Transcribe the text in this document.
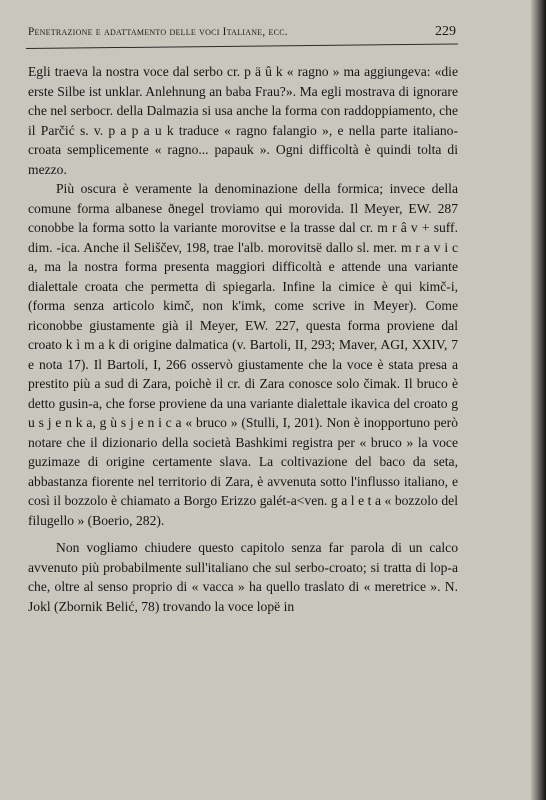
Penetrazione e adattamento delle voci Italiane, ecc.	229

Egli traeva la nostra voce dal serbo cr. p ä û k « ragno » ma aggiungeva: «die erste Silbe ist unklar. Anlehnung an baba Frau?». Ma egli mostrava di ignorare che nel serbocr. della Dalmazia si usa anche la forma con raddoppiamento, che il Parčić s. v. p a p a u k traduce « ragno falangio », e nella parte italiano-croata semplicemente « ragno... papauk ». Ogni difficoltà è quindi tolta di mezzo.

Più oscura è veramente la denominazione della formica; invece della comune forma albanese ðnegel troviamo qui morovida. Il Meyer, EW. 287 conobbe la forma sotto la variante morovitse e la trasse dal cr. m r â v + suff. dim. -ica. Anche il Seliščev, 198, trae l'alb. morovitsë dallo sl. mer. m r a v i c a, ma la nostra forma presenta maggiori difficoltà e attende una variante dialettale croata che permetta di spiegarla. Infine la cimice è qui kimč-i, (forma senza articolo kimč, non k'imk, come scrive in Meyer). Come riconobbe giustamente già il Meyer, EW. 227, questa forma proviene dal croato k ì m a k di origine dalmatica (v. Bartoli, II, 293; Maver, AGI, XXIV, 7 e nota 17). Il Bartoli, I, 266 osservò giustamente che la voce è stata presa a prestito più a sud di Zara, poichè il cr. di Zara conosce solo čimak. Il bruco è detto gusin-a, che forse proviene da una variante dialettale ikavica del croato g u s j e n k a, g ù s j e n i c a « bruco » (Stulli, I, 201). Non è inopportuno però notare che il dizionario della società Bashkimi registra per « bruco » la voce guzimaze di origine certamente slava. La coltivazione del baco da seta, abbastanza fiorente nel territorio di Zara, è avvenuta sotto l'influsso italiano, e così il bozzolo è chiamato a Borgo Erizzo galét-a<ven. g a l e t a « bozzolo del filugello » (Boerio, 282).

Non vogliamo chiudere questo capitolo senza far parola di un calco avvenuto più probabilmente sull'italiano che sul serbo-croato; si tratta di lop-a che, oltre al senso proprio di « vacca » ha quello traslato di « meretrice ». N. Jokl (Zbornik Belić, 78) trovando la voce lopë in
